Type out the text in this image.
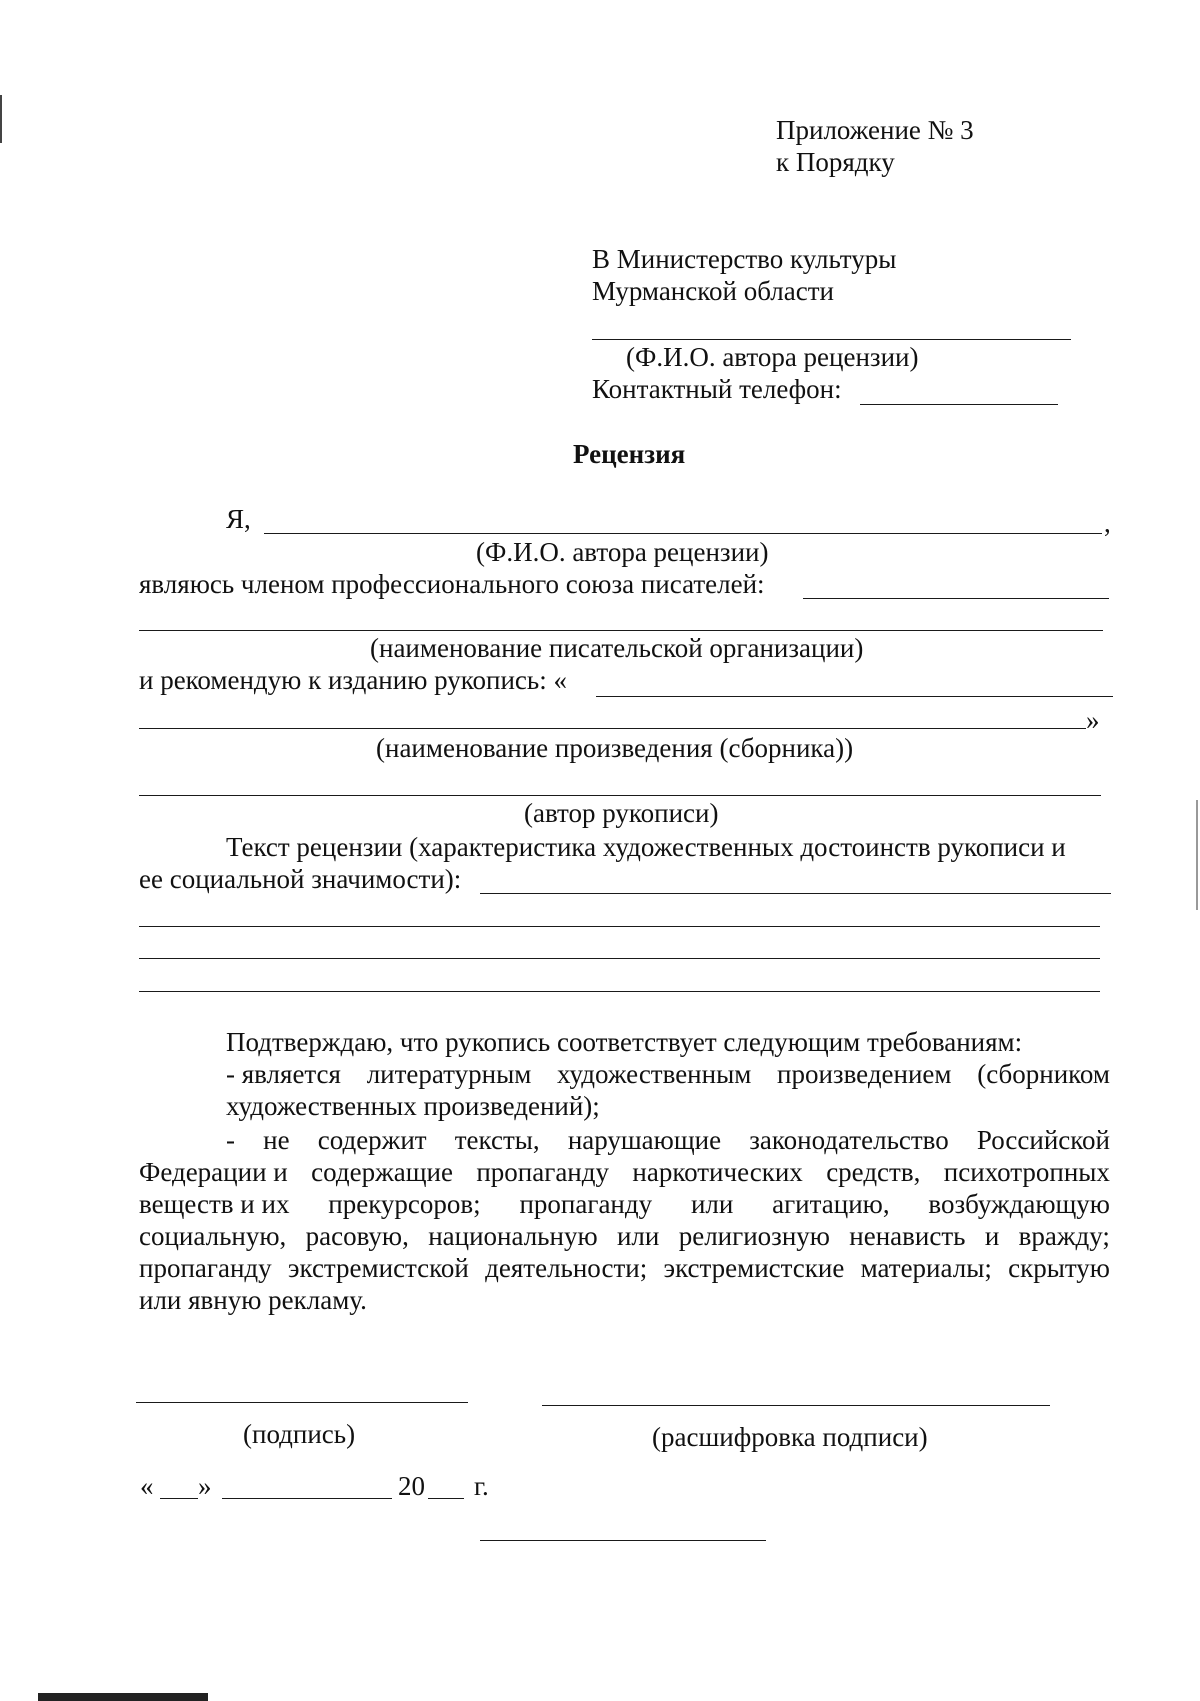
Приложение № 3
к Порядку
В Министерство культуры
Мурманской области
(Ф.И.О. автора рецензии)
Контактный телефон:
Рецензия
Я,	,
(Ф.И.О. автора рецензии)
являюсь членом профессионального союза писателей:
(наименование писательской организации)
и рекомендую к изданию рукопись: «
»
(наименование произведения (сборника))
(автор рукописи)
Текст рецензии (характеристика художественных достоинств рукописи и
ее социальной значимости):
Подтверждаю, что рукопись соответствует следующим требованиям:
- является литературным художественным произведением (сборником
художественных произведений);
- не содержит тексты, нарушающие законодательство Российской
Федерации и содержащие пропаганду наркотических средств, психотропных
веществ и их прекурсоров; пропаганду или агитацию, возбуждающую
социальную, расовую, национальную или религиозную ненависть и вражду;
пропаганду экстремистской деятельности; экстремистские материалы; скрытую
или явную рекламу.
(подпись)	(расшифровка подписи)
« »	20 г.
